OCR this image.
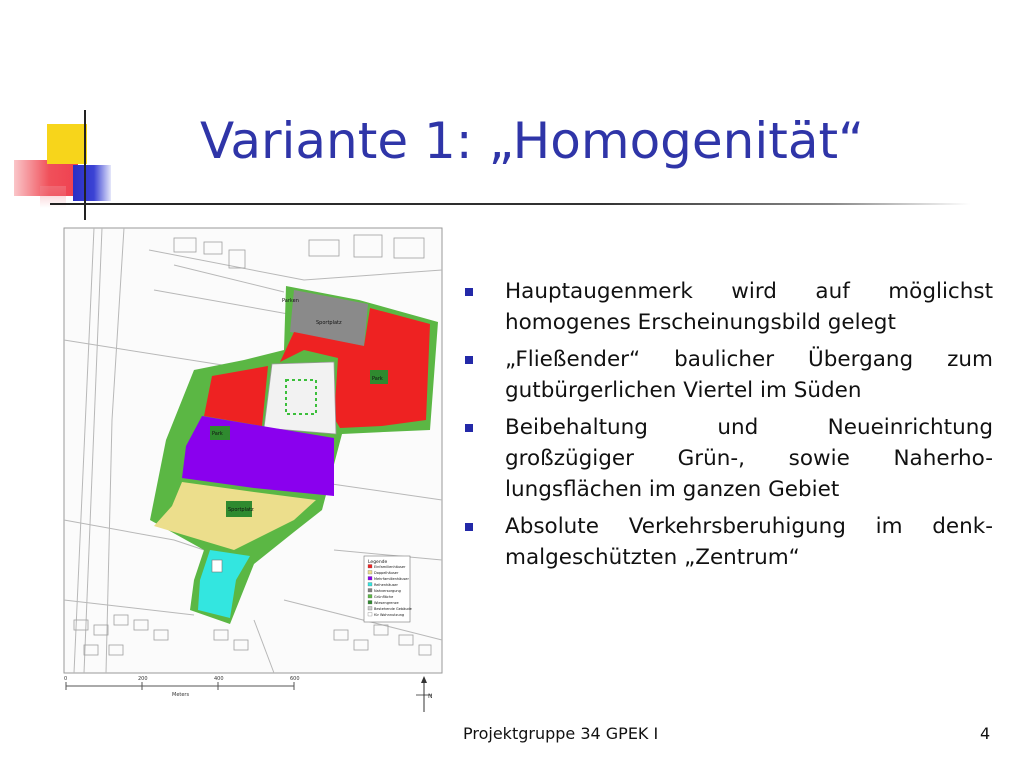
Variante 1: „Homogenität“
Parken
Sportplatz
Park
Park
Sportplatz
Legende
Einfamilienhäuser
Doppelhäuser
Mehrfamilienhäuser
Reihenhäuser
Nahversorgung
Grünfläche
Wiesengrenze
Bestehende Gebäude
für Wohnnutzung
0	200	400	600
Meters	N
Hauptaugenmerk wird auf möglichst homogenes Erscheinungsbild gelegt
„Fließender“ baulicher Übergang zum gutbürgerlichen Viertel im Süden
Beibehaltung und Neueinrichtung großzügiger Grün-, sowie Naherho-lungsflächen im ganzen Gebiet
Absolute Verkehrsberuhigung im denk-malgeschützten „Zentrum“
Projektgruppe 34 GPEK I	4
